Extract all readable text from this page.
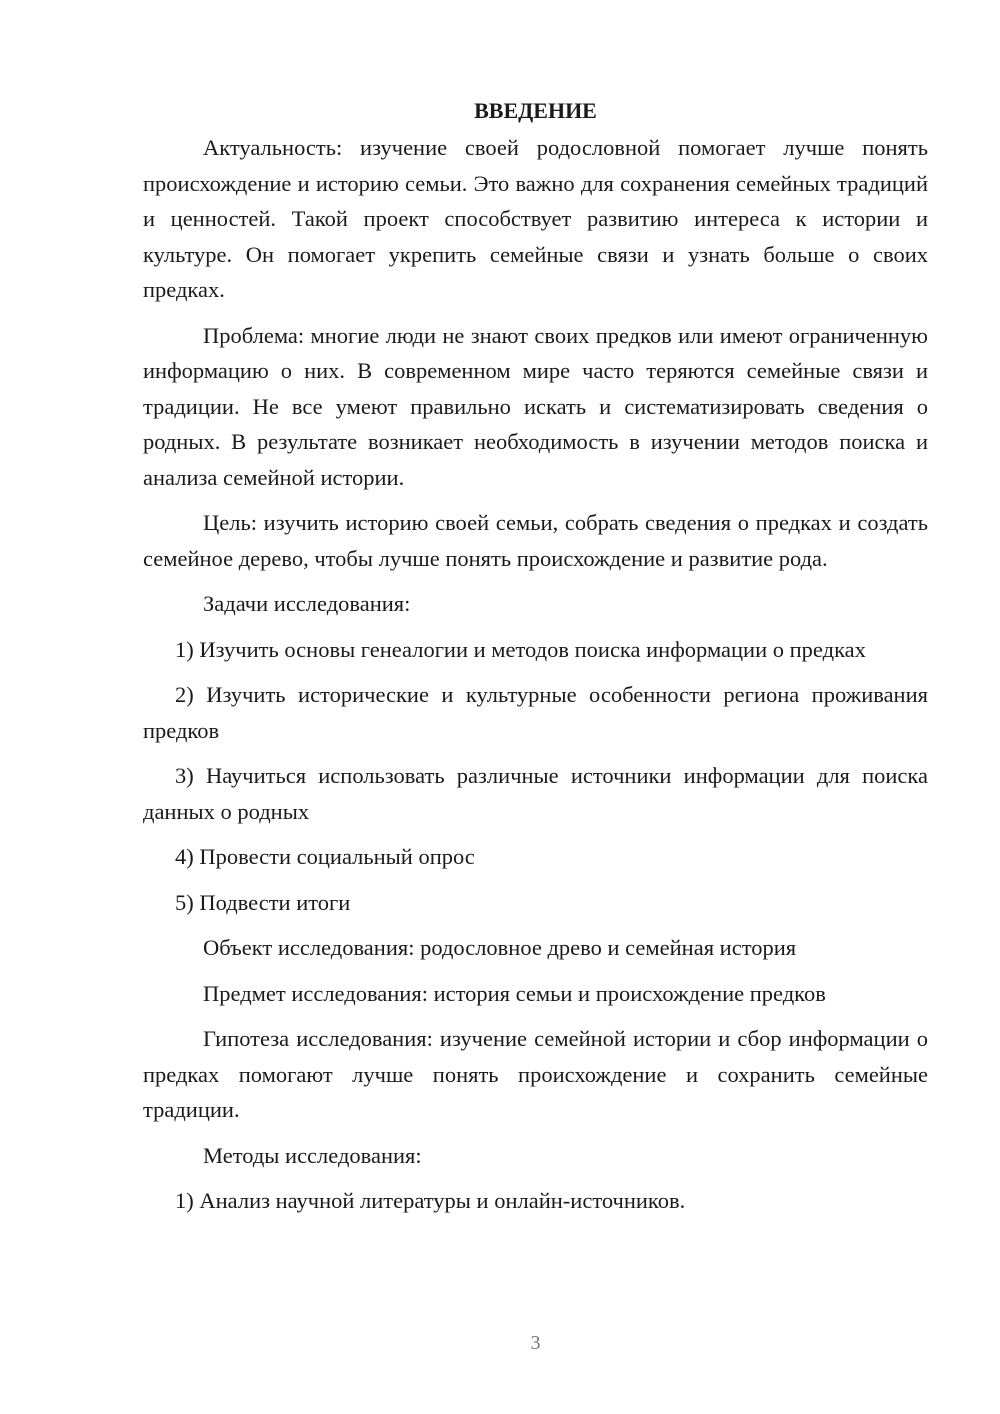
ВВЕДЕНИЕ

Актуальность: изучение своей родословной помогает лучше понять происхождение и историю семьи. Это важно для сохранения семейных традиций и ценностей. Такой проект способствует развитию интереса к истории и культуре. Он помогает укрепить семейные связи и узнать больше о своих предках.

Проблема: многие люди не знают своих предков или имеют ограниченную информацию о них. В современном мире часто теряются семейные связи и традиции. Не все умеют правильно искать и систематизировать сведения о родных. В результате возникает необходимость в изучении методов поиска и анализа семейной истории.

Цель: изучить историю своей семьи, собрать сведения о предках и создать семейное дерево, чтобы лучше понять происхождение и развитие рода.

Задачи исследования:

1) Изучить основы генеалогии и методов поиска информации о предках

2) Изучить исторические и культурные особенности региона проживания предков

3) Научиться использовать различные источники информации для поиска данных о родных

4) Провести социальный опрос

5) Подвести итоги

Объект исследования: родословное древо и семейная история

Предмет исследования: история семьи и происхождение предков

Гипотеза исследования: изучение семейной истории и сбор информации о предках помогают лучше понять происхождение и сохранить семейные традиции.

Методы исследования:

1) Анализ научной литературы и онлайн-источников.

3
